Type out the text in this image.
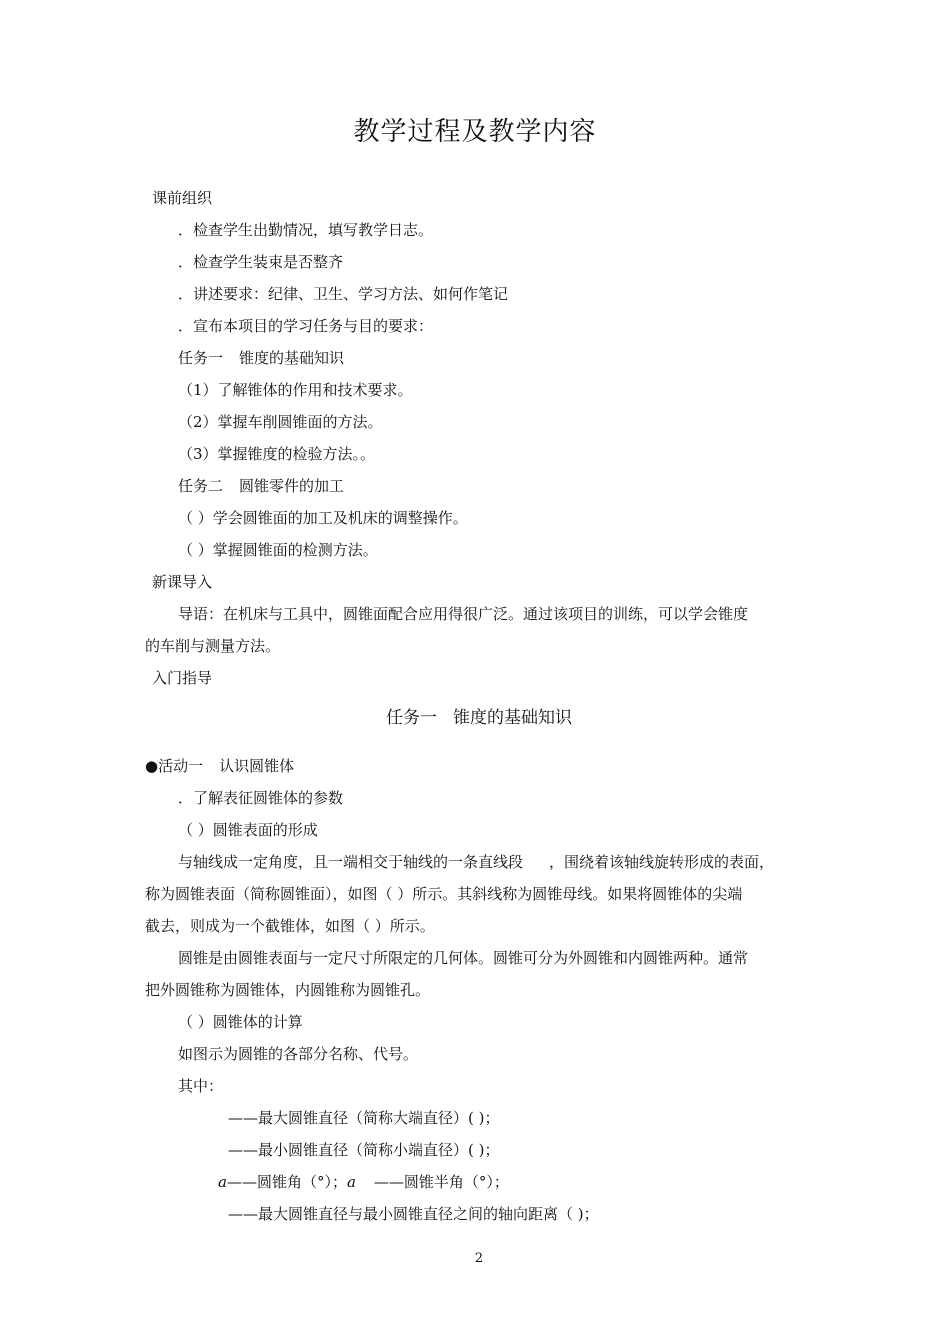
教学过程及教学内容
课前组织
．检查学生出勤情况，填写教学日志。
．检查学生装束是否整齐
．讲述要求：纪律、卫生、学习方法、如何作笔记
．宣布本项目的学习任务与目的要求：
任务一 锥度的基础知识
（1）了解锥体的作用和技术要求。
（2）掌握车削圆锥面的方法。
（3）掌握锥度的检验方法。。
任务二 圆锥零件的加工
（ ）学会圆锥面的加工及机床的调整操作。
（ ）掌握圆锥面的检测方法。
新课导入
导语：在机床与工具中，圆锥面配合应用得很广泛。通过该项目的训练，可以学会锥度
的车削与测量方法。
入门指导
任务一 锥度的基础知识
●活动一 认识圆锥体
．了解表征圆锥体的参数
（ ）圆锥表面的形成
与轴线成一定角度，且一端相交于轴线的一条直线段 ，围绕着该轴线旋转形成的表面，
称为圆锥表面（简称圆锥面），如图（ ）所示。其斜线称为圆锥母线。如果将圆锥体的尖端
截去，则成为一个截锥体，如图（ ）所示。
圆锥是由圆锥表面与一定尺寸所限定的几何体。圆锥可分为外圆锥和内圆锥两种。通常
把外圆锥称为圆锥体，内圆锥称为圆锥孔。
（ ）圆锥体的计算
如图示为圆锥的各部分名称、代号。
其中：
——最大圆锥直径（简称大端直径）( )；
——最小圆锥直径（简称小端直径）( )；
a——圆锥角（°）；a ——圆锥半角（°）；
——最大圆锥直径与最小圆锥直径之间的轴向距离（ )；
2
